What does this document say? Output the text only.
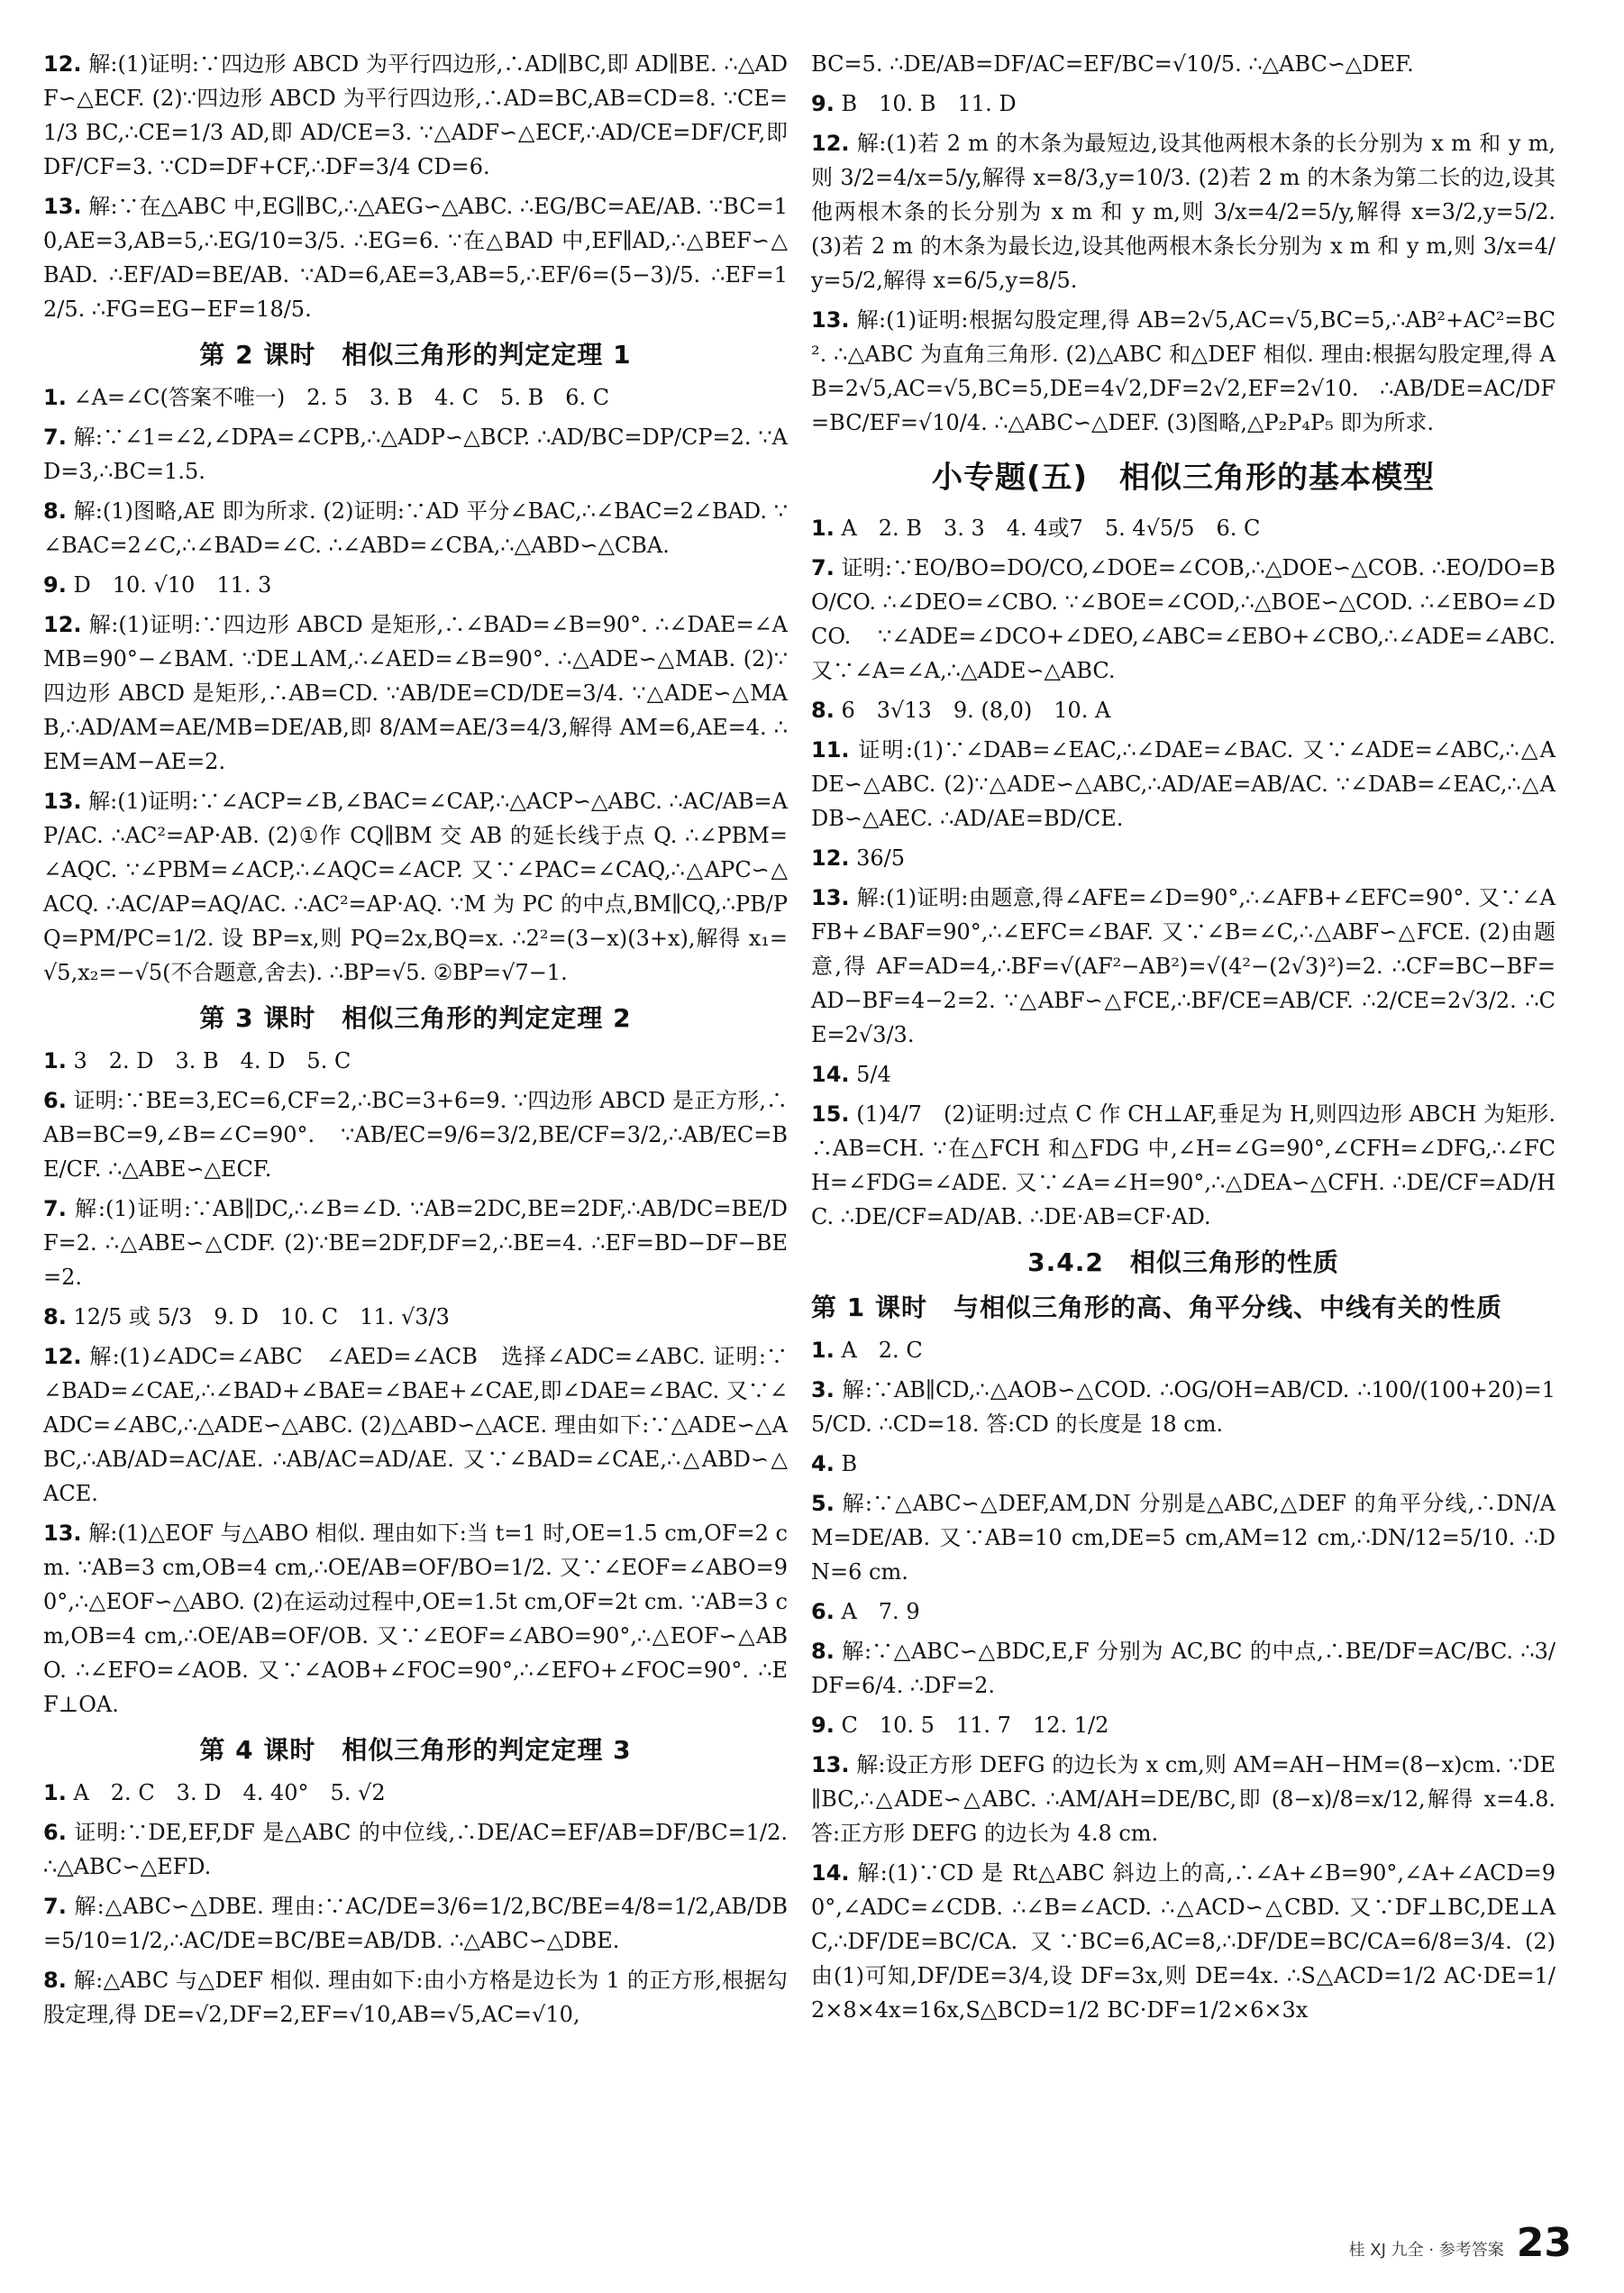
12. 解:(1)证明:∵四边形 ABCD 为平行四边形,∴AD∥BC,即 AD∥BE. ∴△ADF∽△ECF. (2)∵四边形 ABCD 为平行四边形,∴AD=BC,AB=CD=8. ∵CE=1/3 BC,∴CE=1/3 AD,即 AD/CE=3. ∵△ADF∽△ECF,∴AD/CE=DF/CF,即 DF/CF=3. ∵CD=DF+CF,∴DF=3/4 CD=6.

13. 解:∵在△ABC 中,EG∥BC,∴△AEG∽△ABC. ∴EG/BC=AE/AB. ∵BC=10,AE=3,AB=5,∴EG/10=3/5. ∴EG=6. ∵在△BAD 中,EF∥AD,∴△BEF∽△BAD. ∴EF/AD=BE/AB. ∵AD=6,AE=3,AB=5,∴EF/6=(5−3)/5. ∴EF=12/5. ∴FG=EG−EF=18/5.

第 2 课时　相似三角形的判定定理 1

1. ∠A=∠C(答案不唯一)　2. 5　3. B　4. C　5. B　6. C

7. 解:∵∠1=∠2,∠DPA=∠CPB,∴△ADP∽△BCP. ∴AD/BC=DP/CP=2. ∵AD=3,∴BC=1.5.

8. 解:(1)图略,AE 即为所求. (2)证明:∵AD 平分∠BAC,∴∠BAC=2∠BAD. ∵∠BAC=2∠C,∴∠BAD=∠C. ∴∠ABD=∠CBA,∴△ABD∽△CBA.

9. D　10. √10　11. 3

12. 解:(1)证明:∵四边形 ABCD 是矩形,∴∠BAD=∠B=90°. ∴∠DAE=∠AMB=90°−∠BAM. ∵DE⊥AM,∴∠AED=∠B=90°. ∴△ADE∽△MAB. (2)∵四边形 ABCD 是矩形,∴AB=CD. ∵AB/DE=CD/DE=3/4. ∵△ADE∽△MAB,∴AD/AM=AE/MB=DE/AB,即 8/AM=AE/3=4/3,解得 AM=6,AE=4. ∴EM=AM−AE=2.

13. 解:(1)证明:∵∠ACP=∠B,∠BAC=∠CAP,∴△ACP∽△ABC. ∴AC/AB=AP/AC. ∴AC²=AP·AB. (2)①作 CQ∥BM 交 AB 的延长线于点 Q. ∴∠PBM=∠AQC. ∵∠PBM=∠ACP,∴∠AQC=∠ACP. 又∵∠PAC=∠CAQ,∴△APC∽△ACQ. ∴AC/AP=AQ/AC. ∴AC²=AP·AQ. ∵M 为 PC 的中点,BM∥CQ,∴PB/PQ=PM/PC=1/2. 设 BP=x,则 PQ=2x,BQ=x. ∴2²=(3−x)(3+x),解得 x₁=√5,x₂=−√5(不合题意,舍去). ∴BP=√5. ②BP=√7−1.

第 3 课时　相似三角形的判定定理 2

1. 3　2. D　3. B　4. D　5. C

6. 证明:∵BE=3,EC=6,CF=2,∴BC=3+6=9. ∵四边形 ABCD 是正方形,∴AB=BC=9,∠B=∠C=90°. ∵AB/EC=9/6=3/2,BE/CF=3/2,∴AB/EC=BE/CF. ∴△ABE∽△ECF.

7. 解:(1)证明:∵AB∥DC,∴∠B=∠D. ∵AB=2DC,BE=2DF,∴AB/DC=BE/DF=2. ∴△ABE∽△CDF. (2)∵BE=2DF,DF=2,∴BE=4. ∴EF=BD−DF−BE=2.

8. 12/5 或 5/3　9. D　10. C　11. √3/3

12. 解:(1)∠ADC=∠ABC　∠AED=∠ACB　选择∠ADC=∠ABC. 证明:∵∠BAD=∠CAE,∴∠BAD+∠BAE=∠BAE+∠CAE,即∠DAE=∠BAC. 又∵∠ADC=∠ABC,∴△ADE∽△ABC. (2)△ABD∽△ACE. 理由如下:∵△ADE∽△ABC,∴AB/AD=AC/AE. ∴AB/AC=AD/AE. 又∵∠BAD=∠CAE,∴△ABD∽△ACE.

13. 解:(1)△EOF 与△ABO 相似. 理由如下:当 t=1 时,OE=1.5 cm,OF=2 cm. ∵AB=3 cm,OB=4 cm,∴OE/AB=OF/BO=1/2. 又∵∠EOF=∠ABO=90°,∴△EOF∽△ABO. (2)在运动过程中,OE=1.5t cm,OF=2t cm. ∵AB=3 cm,OB=4 cm,∴OE/AB=OF/OB. 又∵∠EOF=∠ABO=90°,∴△EOF∽△ABO. ∴∠EFO=∠AOB. 又∵∠AOB+∠FOC=90°,∴∠EFO+∠FOC=90°. ∴EF⊥OA.

第 4 课时　相似三角形的判定定理 3

1. A　2. C　3. D　4. 40°　5. √2

6. 证明:∵DE,EF,DF 是△ABC 的中位线,∴DE/AC=EF/AB=DF/BC=1/2. ∴△ABC∽△EFD.

7. 解:△ABC∽△DBE. 理由:∵AC/DE=3/6=1/2,BC/BE=4/8=1/2,AB/DB=5/10=1/2,∴AC/DE=BC/BE=AB/DB. ∴△ABC∽△DBE.

8. 解:△ABC 与△DEF 相似. 理由如下:由小方格是边长为 1 的正方形,根据勾股定理,得 DE=√2,DF=2,EF=√10,AB=√5,AC=√10,

BC=5. ∴DE/AB=DF/AC=EF/BC=√10/5. ∴△ABC∽△DEF.

9. B　10. B　11. D

12. 解:(1)若 2 m 的木条为最短边,设其他两根木条的长分别为 x m 和 y m,则 3/2=4/x=5/y,解得 x=8/3,y=10/3. (2)若 2 m 的木条为第二长的边,设其他两根木条的长分别为 x m 和 y m,则 3/x=4/2=5/y,解得 x=3/2,y=5/2. (3)若 2 m 的木条为最长边,设其他两根木条长分别为 x m 和 y m,则 3/x=4/y=5/2,解得 x=6/5,y=8/5.

13. 解:(1)证明:根据勾股定理,得 AB=2√5,AC=√5,BC=5,∴AB²+AC²=BC². ∴△ABC 为直角三角形. (2)△ABC 和△DEF 相似. 理由:根据勾股定理,得 AB=2√5,AC=√5,BC=5,DE=4√2,DF=2√2,EF=2√10. ∴AB/DE=AC/DF=BC/EF=√10/4. ∴△ABC∽△DEF. (3)图略,△P₂P₄P₅ 即为所求.

小专题(五)　相似三角形的基本模型

1. A　2. B　3. 3　4. 4或7　5. 4√5/5　6. C

7. 证明:∵EO/BO=DO/CO,∠DOE=∠COB,∴△DOE∽△COB. ∴EO/DO=BO/CO. ∴∠DEO=∠CBO. ∵∠BOE=∠COD,∴△BOE∽△COD. ∴∠EBO=∠DCO. ∵∠ADE=∠DCO+∠DEO,∠ABC=∠EBO+∠CBO,∴∠ADE=∠ABC. 又∵∠A=∠A,∴△ADE∽△ABC.

8. 6　3√13　9. (8,0)　10. A

11. 证明:(1)∵∠DAB=∠EAC,∴∠DAE=∠BAC. 又∵∠ADE=∠ABC,∴△ADE∽△ABC. (2)∵△ADE∽△ABC,∴AD/AE=AB/AC. ∵∠DAB=∠EAC,∴△ADB∽△AEC. ∴AD/AE=BD/CE.

12. 36/5

13. 解:(1)证明:由题意,得∠AFE=∠D=90°,∴∠AFB+∠EFC=90°. 又∵∠AFB+∠BAF=90°,∴∠EFC=∠BAF. 又∵∠B=∠C,∴△ABF∽△FCE. (2)由题意,得 AF=AD=4,∴BF=√(AF²−AB²)=√(4²−(2√3)²)=2. ∴CF=BC−BF=AD−BF=4−2=2. ∵△ABF∽△FCE,∴BF/CE=AB/CF. ∴2/CE=2√3/2. ∴CE=2√3/3.

14. 5/4

15. (1)4/7　(2)证明:过点 C 作 CH⊥AF,垂足为 H,则四边形 ABCH 为矩形. ∴AB=CH. ∵在△FCH 和△FDG 中,∠H=∠G=90°,∠CFH=∠DFG,∴∠FCH=∠FDG=∠ADE. 又∵∠A=∠H=90°,∴△DEA∽△CFH. ∴DE/CF=AD/HC. ∴DE/CF=AD/AB. ∴DE·AB=CF·AD.

3.4.2　相似三角形的性质
第 1 课时　与相似三角形的高、角平分线、中线有关的性质

1. A　2. C

3. 解:∵AB∥CD,∴△AOB∽△COD. ∴OG/OH=AB/CD. ∴100/(100+20)=15/CD. ∴CD=18. 答:CD 的长度是 18 cm.

4. B

5. 解:∵△ABC∽△DEF,AM,DN 分别是△ABC,△DEF 的角平分线,∴DN/AM=DE/AB. 又∵AB=10 cm,DE=5 cm,AM=12 cm,∴DN/12=5/10. ∴DN=6 cm.

6. A　7. 9

8. 解:∵△ABC∽△BDC,E,F 分别为 AC,BC 的中点,∴BE/DF=AC/BC. ∴3/DF=6/4. ∴DF=2.

9. C　10. 5　11. 7　12. 1/2

13. 解:设正方形 DEFG 的边长为 x cm,则 AM=AH−HM=(8−x)cm. ∵DE∥BC,∴△ADE∽△ABC. ∴AM/AH=DE/BC,即 (8−x)/8=x/12,解得 x=4.8. 答:正方形 DEFG 的边长为 4.8 cm.

14. 解:(1)∵CD 是 Rt△ABC 斜边上的高,∴∠A+∠B=90°,∠A+∠ACD=90°,∠ADC=∠CDB. ∴∠B=∠ACD. ∴△ACD∽△CBD. 又∵DF⊥BC,DE⊥AC,∴DF/DE=BC/CA. 又∵BC=6,AC=8,∴DF/DE=BC/CA=6/8=3/4. (2)由(1)可知,DF/DE=3/4,设 DF=3x,则 DE=4x. ∴S△ACD=1/2 AC·DE=1/2×8×4x=16x,S△BCD=1/2 BC·DF=1/2×6×3x

桂 XJ 九全 · 参考答案 23
